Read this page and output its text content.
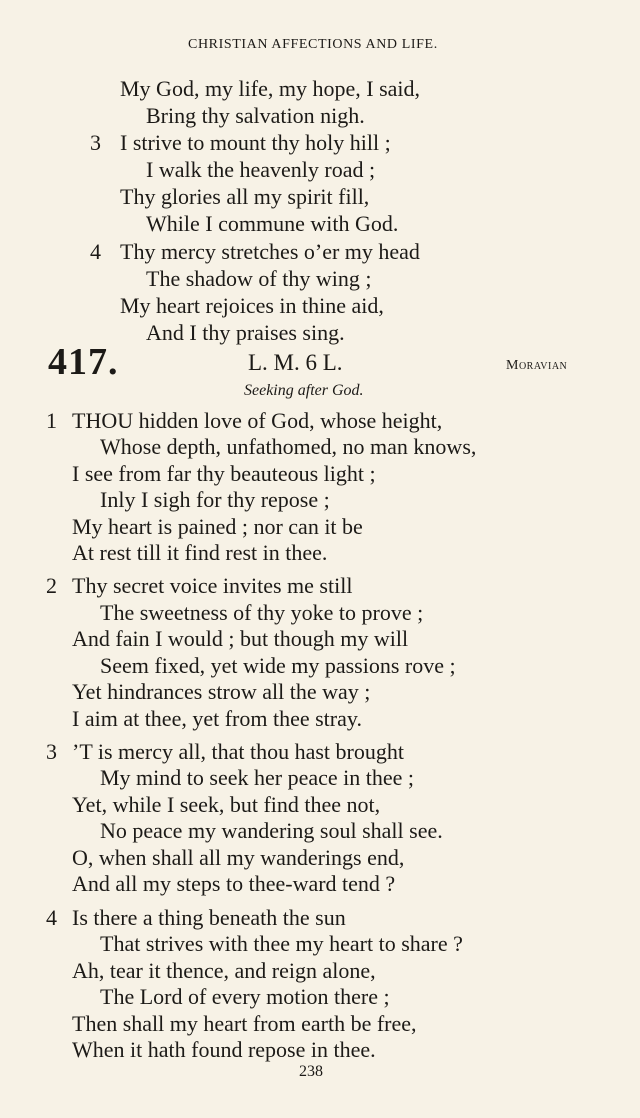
CHRISTIAN AFFECTIONS AND LIFE.
My God, my life, my hope, I said,
Bring thy salvation nigh.
3 I strive to mount thy holy hill ;
I walk the heavenly road ;
Thy glories all my spirit fill,
While I commune with God.
4 Thy mercy stretches o’er my head
The shadow of thy wing ;
My heart rejoices in thine aid,
And I thy praises sing.
417.	L. M. 6 L.	Moravian
Seeking after God.
1 THOU hidden love of God, whose height,
Whose depth, unfathomed, no man knows,
I see from far thy beauteous light ;
Inly I sigh for thy repose ;
My heart is pained ; nor can it be
At rest till it find rest in thee.
2 Thy secret voice invites me still
The sweetness of thy yoke to prove ;
And fain I would ; but though my will
Seem fixed, yet wide my passions rove ;
Yet hindrances strow all the way ;
I aim at thee, yet from thee stray.
3 ’T is mercy all, that thou hast brought
My mind to seek her peace in thee ;
Yet, while I seek, but find thee not,
No peace my wandering soul shall see.
O, when shall all my wanderings end,
And all my steps to thee-ward tend ?
4 Is there a thing beneath the sun
That strives with thee my heart to share ?
Ah, tear it thence, and reign alone,
The Lord of every motion there ;
Then shall my heart from earth be free,
When it hath found repose in thee.
238
